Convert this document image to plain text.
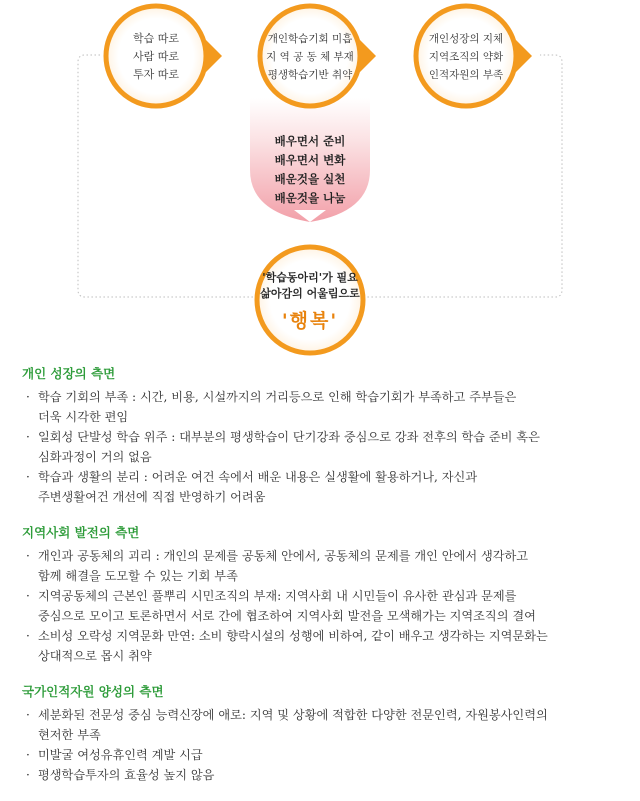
학습 따로
사람 따로
투자 따로
개인학습기회 미흡
지 역 공 동 체 부재
평생학습기반 취약
개인성장의 지체
지역조직의 약화
인적자원의 부족
배우면서 준비
배우면서 변화
배운것을 실천
배운것을 나눔
'학습동아리'가 필요
삶아감의 어울림으로
'행복'
개인 성장의 측면
· 학습 기회의 부족 : 시간, 비용, 시설까지의 거리등으로 인해 학습기회가 부족하고 주부들은
더욱 시각한 편임
· 일회성 단발성 학습 위주 : 대부분의 평생학습이 단기강좌 중심으로 강좌 전후의 학습 준비 혹은
심화과정이 거의 없음
· 학습과 생활의 분리 : 어려운 여건 속에서 배운 내용은 실생활에 활용하거나, 자신과
주변생활여건 개선에 직접 반영하기 어려움
지역사회 발전의 측면
· 개인과 공동체의 괴리 : 개인의 문제를 공동체 안에서, 공동체의 문제를 개인 안에서 생각하고
함께 해결을 도모할 수 있는 기회 부족
· 지역공동체의 근본인 풀뿌리 시민조직의 부재: 지역사회 내 시민들이 유사한 관심과 문제를
중심으로 모이고 토론하면서 서로 간에 협조하여 지역사회 발전을 모색해가는 지역조직의 결여
· 소비성 오락성 지역문화 만연: 소비 향락시설의 성행에 비하여, 같이 배우고 생각하는 지역문화는
상대적으로 몹시 취약
국가인적자원 양성의 측면
· 세분화된 전문성 중심 능력신장에 애로: 지역 및 상황에 적합한 다양한 전문인력, 자원봉사인력의
현저한 부족
· 미발굴 여성유휴인력 계발 시급
· 평생학습투자의 효율성 높지 않음
